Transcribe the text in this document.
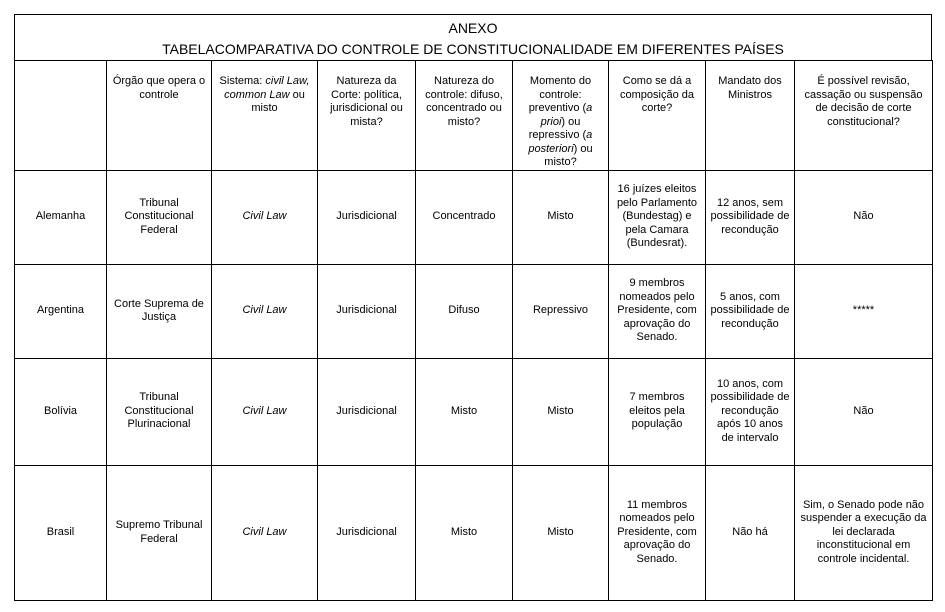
ANEXO
TABELACOMPARATIVA DO CONTROLE DE CONSTITUCIONALIDADE EM DIFERENTES PAÍSES
	Órgão que opera o controle	Sistema: civil Law, common Law ou misto	Natureza da Corte: política, jurisdicional ou mista?	Natureza do controle: difuso, concentrado ou misto?	Momento do controle: preventivo (a prioi) ou repressivo (a posteriori) ou misto?	Como se dá a composição da corte?	Mandato dos Ministros	É possível revisão, cassação ou suspensão de decisão de corte constitucional?
Alemanha	Tribunal Constitucional Federal	Civil Law	Jurisdicional	Concentrado	Misto	16 juízes eleitos pelo Parlamento (Bundestag) e pela Camara (Bundesrat).	12 anos, sem possibilidade de recondução	Não
Argentina	Corte Suprema de Justiça	Civil Law	Jurisdicional	Difuso	Repressivo	9 membros nomeados pelo Presidente, com aprovação do Senado.	5 anos, com possibilidade de recondução	*****
Bolívia	Tribunal Constitucional Plurinacional	Civil Law	Jurisdicional	Misto	Misto	7 membros eleitos pela população	10 anos, com possibilidade de recondução após 10 anos de intervalo	Não
Brasil	Supremo Tribunal Federal	Civil Law	Jurisdicional	Misto	Misto	11 membros nomeados pelo Presidente, com aprovação do Senado.	Não há	Sim, o Senado pode não suspender a execução da lei declarada inconstitucional em controle incidental.
